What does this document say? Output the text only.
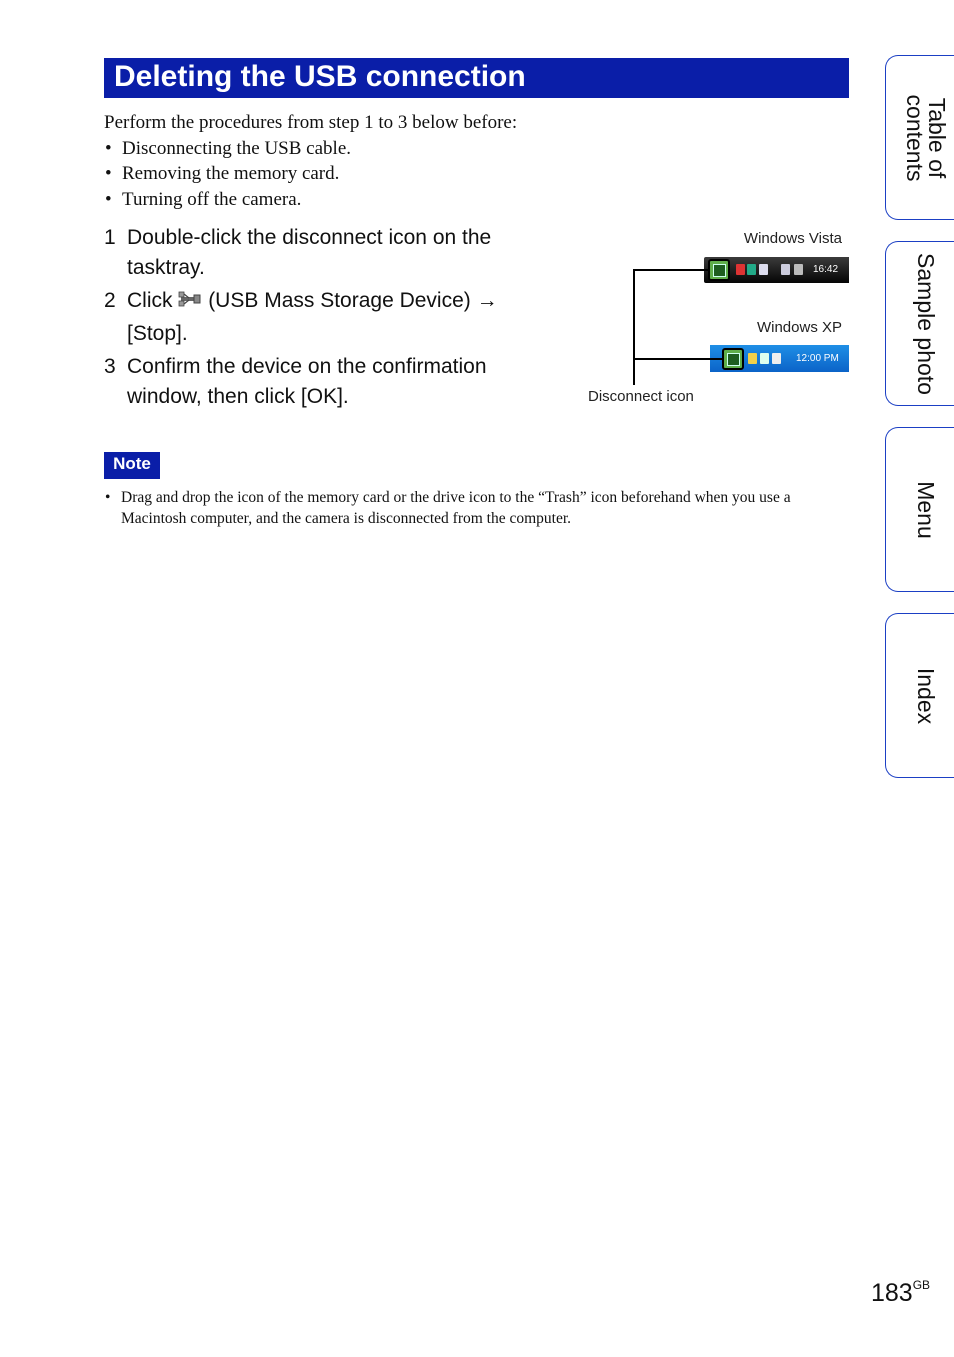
Deleting the USB connection
Perform the procedures from step 1 to 3 below before:
• Disconnecting the USB cable.
• Removing the memory card.
• Turning off the camera.
1 Double-click the disconnect icon on the
tasktray.
2 Click (USB Mass Storage Device) →
[Stop].
3 Confirm the device on the confirmation
window, then click [OK].
Windows Vista
16:42
Windows XP
12:00 PM
Disconnect icon
Note

• Drag and drop the icon of the memory card or the drive icon to the “Trash” icon beforehand when you use a Macintosh computer, and the camera is disconnected from the computer.

Table of
contents
Sample photo
Menu
Index
$183^{GB}$
